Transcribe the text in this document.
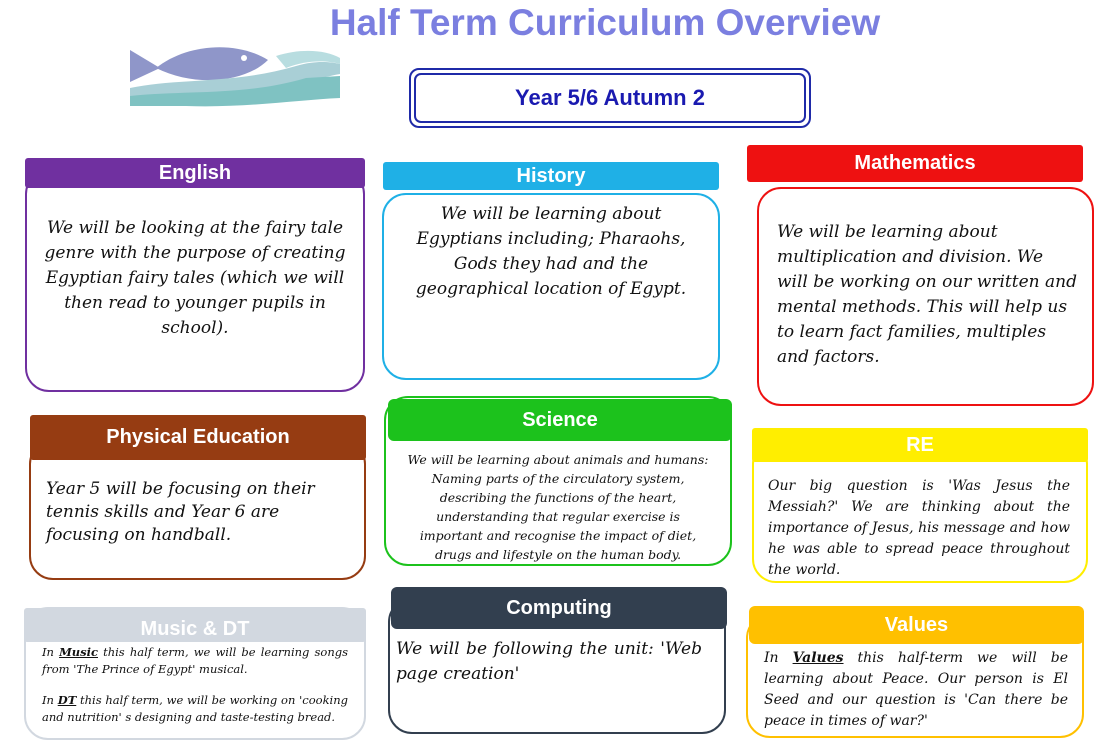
Half Term Curriculum Overview
Year 5/6 Autumn 2
English
We will be looking at the fairy tale genre with the purpose of creating Egyptian fairy tales (which we will then read to younger pupils in school).
History
We will be learning about Egyptians including; Pharaohs, Gods they had and the geographical location of Egypt.
Mathematics
We will be learning about multiplication and division. We will be working on our written and mental methods. This will help us to learn fact families, multiples and factors.
Physical Education
Year 5 will be focusing on their tennis skills and Year 6 are focusing on handball.
Science
We will be learning about animals and humans: Naming parts of the circulatory system, describing the functions of the heart, understanding that regular exercise is important and recognise the impact of diet, drugs and lifestyle on the human body.
RE
Our big question is 'Was Jesus the Messiah?' We are thinking about the importance of Jesus, his message and how he was able to spread peace throughout the world.
Music & DT

In Music this half term, we will be learning songs from 'The Prince of Egypt' musical.

In DT this half term, we will be working on 'cooking and nutrition' s designing and taste-testing bread.

Computing
We will be following the unit: 'Web page creation'
Values
In Values this half-term we will be learning about Peace. Our person is El Seed and our question is 'Can there be peace in times of war?'
